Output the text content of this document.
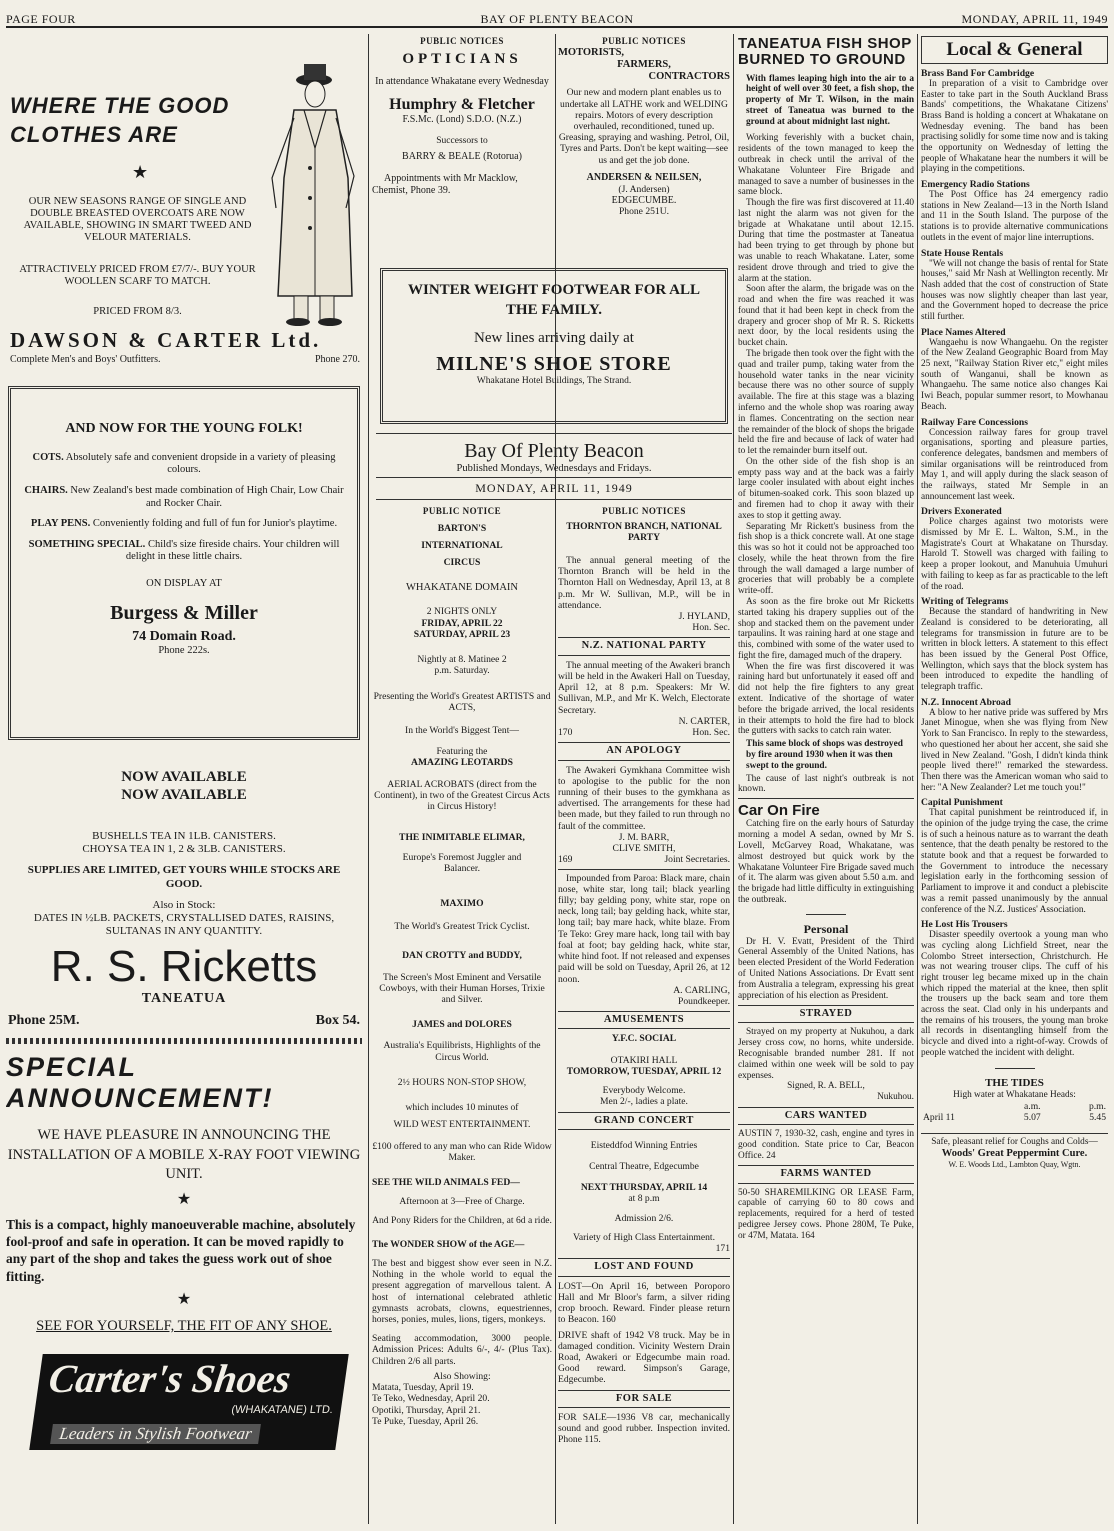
PAGE FOUR	BAY OF PLENTY BEACON	MONDAY, APRIL 11, 1949
WHERE THE GOOD
CLOTHES ARE
★
OUR NEW SEASONS RANGE OF SINGLE AND DOUBLE BREASTED OVERCOATS ARE NOW AVAILABLE, SHOWING IN SMART TWEED AND VELOUR MATERIALS.
ATTRACTIVELY PRICED FROM £7/7/-. BUY YOUR WOOLLEN SCARF TO MATCH.
PRICED FROM 8/3.
DAWSON & CARTER Ltd.
Complete Men's and Boys' Outfitters.	Phone 270.
AND NOW FOR THE YOUNG FOLK!
COTS. Absolutely safe and convenient dropside in a variety of pleasing colours.
CHAIRS. New Zealand's best made combination of High Chair, Low Chair and Rocker Chair.
PLAY PENS. Conveniently folding and full of fun for Junior's playtime.
SOMETHING SPECIAL. Child's size fireside chairs. Your children will delight in these little chairs.
ON DISPLAY AT
Burgess & Miller
74 Domain Road.
Phone 222s.
NOW AVAILABLE
NOW AVAILABLE
BUSHELLS TEA IN 1LB. CANISTERS.
CHOYSA TEA IN 1, 2 & 3LB. CANISTERS.
SUPPLIES ARE LIMITED, GET YOURS WHILE STOCKS ARE GOOD.
Also in Stock:
DATES IN ½LB. PACKETS, CRYSTALLISED DATES, RAISINS, SULTANAS IN ANY QUANTITY.
R. S. Ricketts
TANEATUA
Phone 25M.	Box 54.
SPECIAL
ANNOUNCEMENT!
WE HAVE PLEASURE IN ANNOUNCING THE INSTALLATION OF A MOBILE X-RAY FOOT VIEWING UNIT.
★
This is a compact, highly manoeuverable machine, absolutely fool-proof and safe in operation. It can be moved rapidly to any part of the shop and takes the guess work out of shoe fitting.
★
SEE FOR YOURSELF, THE FIT OF ANY SHOE.
Carter's Shoes
(WHAKATANE) LTD.
Leaders in Stylish Footwear
PUBLIC NOTICES
OPTICIANS
In attendance Whakatane every Wednesday
Humphry & Fletcher
F.S.Mc. (Lond) S.D.O. (N.Z.)
Successors to
BARRY & BEALE (Rotorua)
Appointments with Mr Macklow, Chemist, Phone 39.
WINTER WEIGHT FOOTWEAR FOR ALL THE FAMILY.
New lines arriving daily at
MILNE'S SHOE STORE
Whakatane Hotel Buildings, The Strand.
Bay Of Plenty Beacon
Published Mondays, Wednesdays and Fridays.
MONDAY, APRIL 11, 1949
PUBLIC NOTICE
BARTON'S
INTERNATIONAL
CIRCUS
WHAKATANE DOMAIN
2 NIGHTS ONLY
FRIDAY, APRIL 22
SATURDAY, APRIL 23
Nightly at 8. Matinee 2 p.m. Saturday.
Presenting the World's Greatest ARTISTS and ACTS,
In the World's Biggest Tent—
Featuring the
AMAZING LEOTARDS
AERIAL ACROBATS (direct from the Continent), in two of the Greatest Circus Acts in Circus History!
THE INIMITABLE ELIMAR,
Europe's Foremost Juggler and Balancer.
MAXIMO
The World's Greatest Trick Cyclist.
DAN CROTTY and BUDDY,
The Screen's Most Eminent and Versatile Cowboys, with their Human Horses, Trixie and Silver.
JAMES and DOLORES
Australia's Equilibrists, Highlights of the Circus World.
2½ HOURS NON-STOP SHOW,
which includes 10 minutes of
WILD WEST ENTERTAINMENT.
£100 offered to any man who can Ride Widow Maker.
SEE THE WILD ANIMALS FED—
Afternoon at 3—Free of Charge.
And Pony Riders for the Children, at 6d a ride.
The WONDER SHOW of the AGE—
The best and biggest show ever seen in N.Z. Nothing in the whole world to equal the present aggregation of marvellous talent. A host of international celebrated athletic gymnasts acrobats, clowns, equestriennes, horses, ponies, mules, lions, tigers, monkeys.
Seating accommodation, 3000 people. Admission Prices: Adults 6/-, 4/- (Plus Tax). Children 2/6 all parts.
Also Showing:
Matata, Tuesday, April 19.
Te Teko, Wednesday, April 20.
Opotiki, Thursday, April 21.
Te Puke, Tuesday, April 26.
PUBLIC NOTICES
MOTORISTS,
FARMERS,
CONTRACTORS
Our new and modern plant enables us to undertake all LATHE work and WELDING repairs. Motors of every description overhauled, reconditioned, tuned up. Greasing, spraying and washing. Petrol, Oil, Tyres and Parts. Don't be kept waiting—see us and get the job done.
ANDERSEN & NEILSEN,
(J. Andersen)
EDGECUMBE.
Phone 251U.
PUBLIC NOTICES
THORNTON BRANCH, NATIONAL PARTY
The annual general meeting of the Thornton Branch will be held in the Thornton Hall on Wednesday, April 13, at 8 p.m. Mr W. Sullivan, M.P., will be in attendance.
J. HYLAND,
Hon. Sec.
N.Z. NATIONAL PARTY
The annual meeting of the Awakeri branch will be held in the Awakeri Hall on Tuesday, April 12, at 8 p.m. Speakers: Mr W. Sullivan, M.P., and Mr K. Welch, Electorate Secretary.
N. CARTER,
170	Hon. Sec.
AN APOLOGY
The Awakeri Gymkhana Committee wish to apologise to the public for the non running of their buses to the gymkhana as advertised. The arrangements for these had been made, but they failed to run through no fault of the committee.
J. M. BARR,
CLIVE SMITH,
169	Joint Secretaries.
Impounded from Paroa: Black mare, chain nose, white star, long tail; black yearling filly; bay gelding pony, white star, rope on neck, long tail; bay gelding hack, white star, long tail; bay mare hack, white blaze. From Te Teko: Grey mare hack, long tail with bay foal at foot; bay gelding hack, white star, white hind foot. If not released and expenses paid will be sold on Tuesday, April 26, at 12 noon.
A. CARLING,
Poundkeeper.
AMUSEMENTS
Y.F.C. SOCIAL
OTAKIRI HALL
TOMORROW, TUESDAY, APRIL 12
Everybody Welcome.
Men 2/-, ladies a plate.
GRAND CONCERT
Eisteddfod Winning Entries
Central Theatre, Edgecumbe
NEXT THURSDAY, APRIL 14
at 8 p.m
Admission 2/6.
Variety of High Class Entertainment.
171
LOST AND FOUND
LOST—On April 16, between Poroporo Hall and Mr Bloor's farm, a silver riding crop brooch. Reward. Finder please return to Beacon. 160
DRIVE shaft of 1942 V8 truck. May be in damaged condition. Vicinity Western Drain Road, Awakeri or Edgecumbe main road. Good reward. Simpson's Garage, Edgecumbe.
FOR SALE
FOR SALE—1936 V8 car, mechanically sound and good rubber. Inspection invited. Phone 115.
TANEATUA FISH SHOP BURNED TO GROUND
With flames leaping high into the air to a height of well over 30 feet, a fish shop, the property of Mr T. Wilson, in the main street of Taneatua was burned to the ground at about midnight last night.
Working feverishly with a bucket chain, residents of the town managed to keep the outbreak in check until the arrival of the Whakatane Volunteer Fire Brigade and managed to save a number of businesses in the same block.
Though the fire was first discovered at 11.40 last night the alarm was not given for the brigade at Whakatane until about 12.15. During that time the postmaster at Taneatua had been trying to get through by phone but was unable to reach Whakatane. Later, some resident drove through and tried to give the alarm at the station.
Soon after the alarm, the brigade was on the road and when the fire was reached it was found that it had been kept in check from the drapery and grocer shop of Mr R. S. Ricketts next door, by the local residents using the bucket chain.
The brigade then took over the fight with the quad and trailer pump, taking water from the household water tanks in the near vicinity because there was no other source of supply available. The fire at this stage was a blazing inferno and the whole shop was roaring away in flames. Concentrating on the section near the remainder of the block of shops the brigade held the fire and because of lack of water had to let the remainder burn itself out.
On the other side of the fish shop is an empty pass way and at the back was a fairly large cooler insulated with about eight inches of bitumen-soaked cork. This soon blazed up and firemen had to chop it away with their axes to stop it getting away.
Separating Mr Rickett's business from the fish shop is a thick concrete wall. At one stage this was so hot it could not be approached too closely, while the heat thrown from the fire through the wall damaged a large number of groceries that will probably be a complete write-off.
As soon as the fire broke out Mr Ricketts started taking his drapery supplies out of the shop and stacked them on the pavement under tarpaulins. It was raining hard at one stage and this, combined with some of the water used to fight the fire, damaged much of the drapery.
When the fire was first discovered it was raining hard but unfortunately it eased off and did not help the fire fighters to any great extent. Indicative of the shortage of water before the brigade arrived, the local residents in their attempts to hold the fire had to block the gutters with sacks to catch rain water.
This same block of shops was destroyed by fire around 1930 when it was then swept to the ground.
The cause of last night's outbreak is not known.
Car On Fire
Catching fire on the early hours of Saturday morning a model A sedan, owned by Mr S. Lovell, McGarvey Road, Whakatane, was almost destroyed but quick work by the Whakatane Volunteer Fire Brigade saved much of it. The alarm was given about 5.50 a.m. and the brigade had little difficulty in extinguishing the outbreak.
Personal
Dr H. V. Evatt, President of the Third General Assembly of the United Nations, has been elected President of the World Federation of United Nations Associations. Dr Evatt sent from Australia a telegram, expressing his great appreciation of his election as President.
STRAYED
Strayed on my property at Nukuhou, a dark Jersey cross cow, no horns, white underside. Recognisable branded number 281. If not claimed within one week will be sold to pay expenses.
Signed, R. A. BELL,
Nukuhou.
CARS WANTED
AUSTIN 7, 1930-32, cash, engine and tyres in good condition. State price to Car, Beacon Office. 24
FARMS WANTED
50-50 SHAREMILKING OR LEASE Farm, capable of carrying 60 to 80 cows and replacements, required for a herd of tested pedigree Jersey cows. Phone 280M, Te Puke, or 47M, Matata. 164
Local & General
Brass Band For Cambridge
In preparation of a visit to Cambridge over Easter to take part in the South Auckland Brass Bands' competitions, the Whakatane Citizens' Brass Band is holding a concert at Whakatane on Wednesday evening. The band has been practising solidly for some time now and is taking the opportunity on Wednesday of letting the people of Whakatane hear the numbers it will be playing in the competitions.
Emergency Radio Stations
The Post Office has 24 emergency radio stations in New Zealand—13 in the North Island and 11 in the South Island. The purpose of the stations is to provide alternative communications outlets in the event of major line interruptions.
State House Rentals
"We will not change the basis of rental for State houses," said Mr Nash at Wellington recently. Mr Nash added that the cost of construction of State houses was now slightly cheaper than last year, and the Government hoped to decrease the price still further.
Place Names Altered
Wangaehu is now Whangaehu. On the register of the New Zealand Geographic Board from May 25 next, "Railway Station River etc," eight miles south of Wanganui, shall be known as Whangaehu. The same notice also changes Kai Iwi Beach, popular summer resort, to Mowhanau Beach.
Railway Fare Concessions
Concession railway fares for group travel organisations, sporting and pleasure parties, conference delegates, bandsmen and members of similar organisations will be reintroduced from May 1, and will apply during the slack season of the railways, stated Mr Semple in an announcement last week.
Drivers Exonerated
Police charges against two motorists were dismissed by Mr E. L. Walton, S.M., in the Magistrate's Court at Whakatane on Thursday. Harold T. Stowell was charged with failing to keep a proper lookout, and Manuhuia Umuhuri with failing to keep as far as practicable to the left of the road.
Writing of Telegrams
Because the standard of handwriting in New Zealand is considered to be deteriorating, all telegrams for transmission in future are to be written in block letters. A statement to this effect has been issued by the General Post Office, Wellington, which says that the block system has been introduced to expedite the handling of telegraph traffic.
N.Z. Innocent Abroad
A blow to her native pride was suffered by Mrs Janet Minogue, when she was flying from New York to San Francisco. In reply to the stewardess, who questioned her about her accent, she said she lived in New Zealand. "Gosh, I didn't kinda think people lived there!" remarked the stewardess. Then there was the American woman who said to her: "A New Zealander? Let me touch you!"
Capital Punishment
That capital punishment be reintroduced if, in the opinion of the judge trying the case, the crime is of such a heinous nature as to warrant the death sentence, that the death penalty be restored to the statute book and that a request be forwarded to the Government to introduce the necessary legislation early in the forthcoming session of Parliament to improve it and conduct a plebiscite was a remit passed unanimously by the annual conference of the N.Z. Justices' Association.
He Lost His Trousers
Disaster speedily overtook a young man who was cycling along Lichfield Street, near the Colombo Street intersection, Christchurch. He was not wearing trouser clips. The cuff of his right trouser leg became mixed up in the chain which ripped the material at the knee, then split the trousers up the back seam and tore them across the seat. Clad only in his underpants and the remains of his trousers, the young man broke all records in disentangling himself from the bicycle and dived into a right-of-way. Crowds of people watched the incident with delight.
THE TIDES
High water at Whakatane Heads:
	a.m.	p.m.
April 11	5.07	5.45
Safe, pleasant relief for Coughs and Colds—
Woods' Great Peppermint Cure.
W. E. Woods Ltd., Lambton Quay, Wgtn.
